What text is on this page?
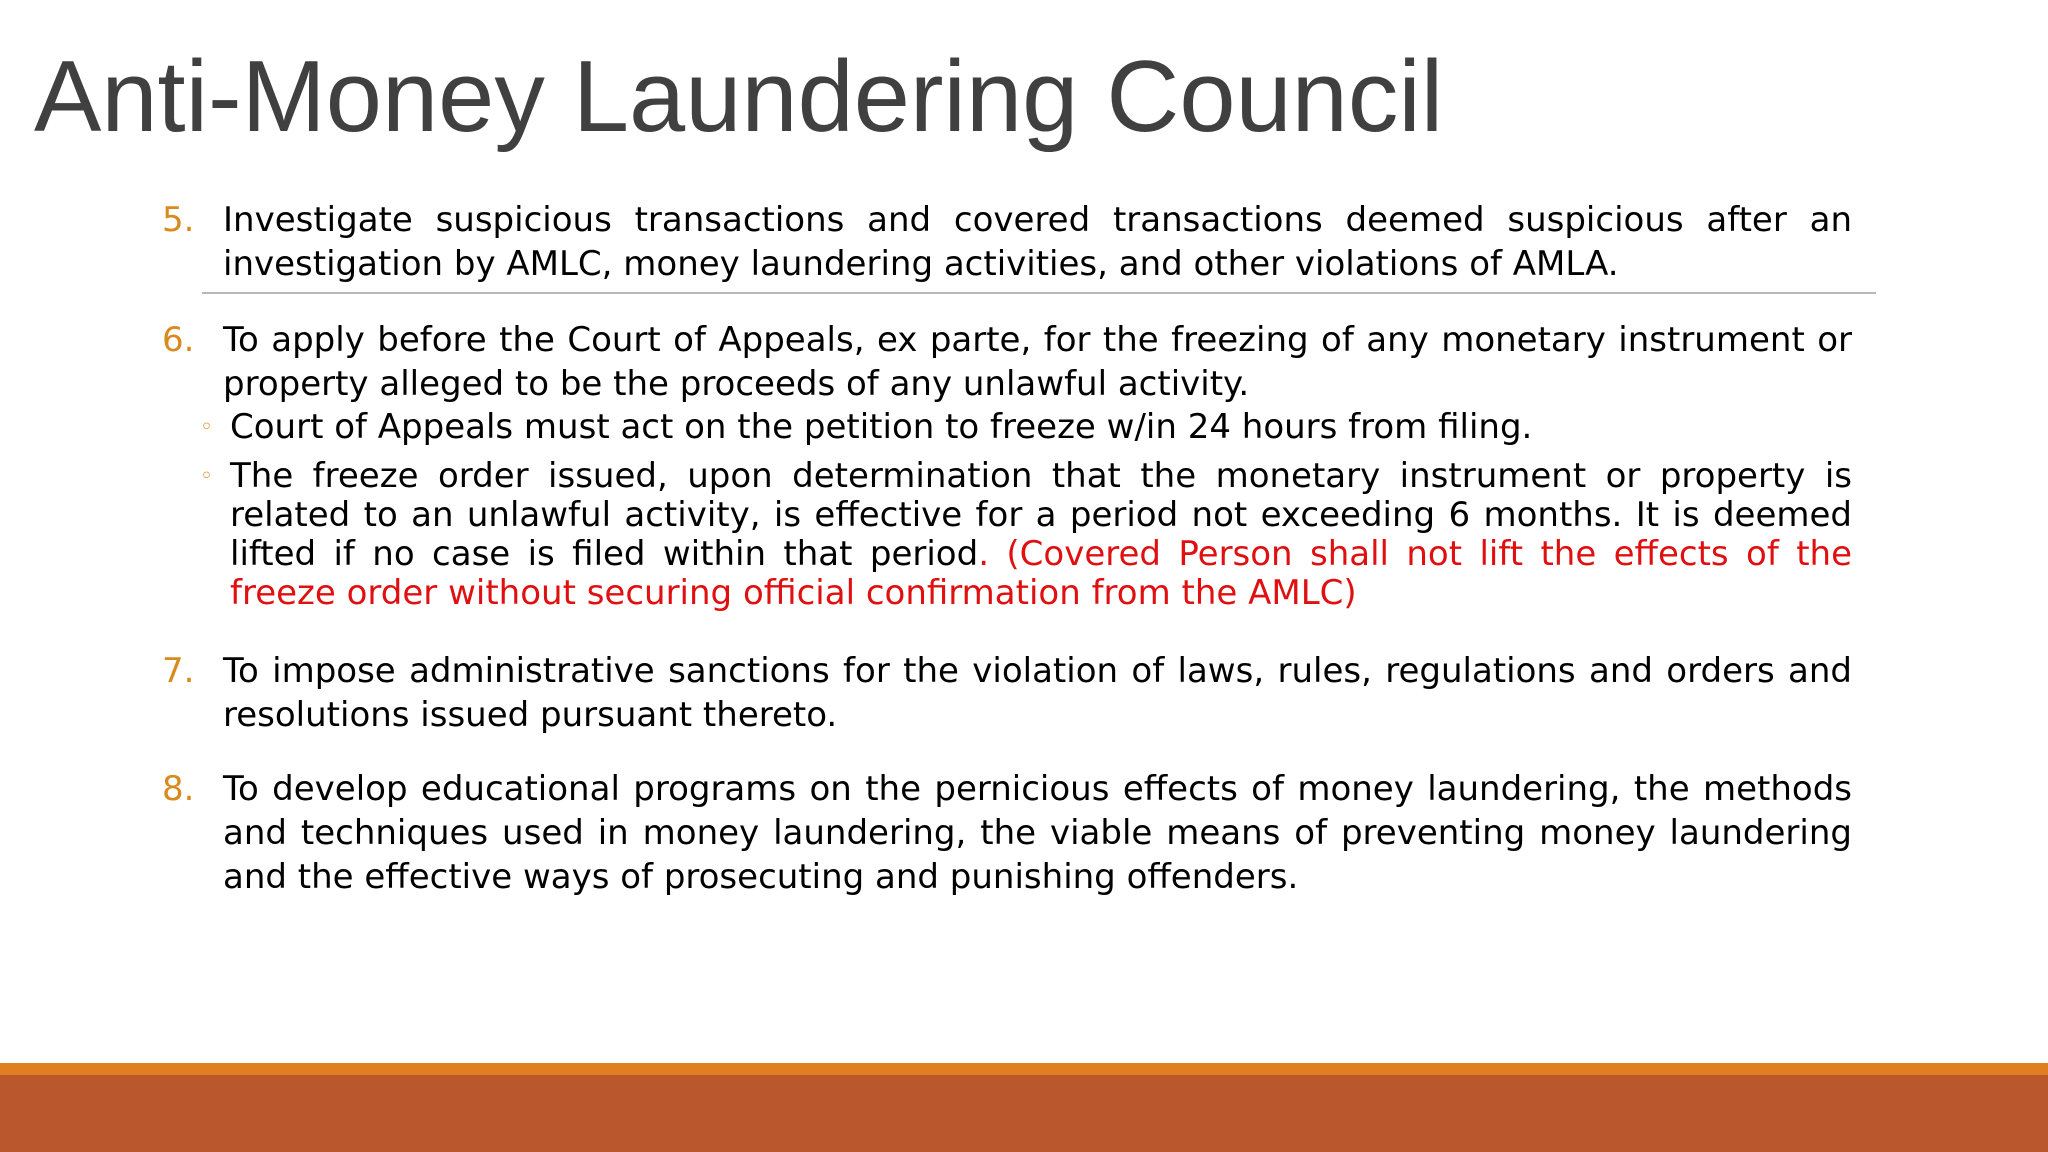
Anti-Money Laundering Council
5. Investigate suspicious transactions and covered transactions deemed suspicious after an investigation by AMLC, money laundering activities, and other violations of AMLA.
6. To apply before the Court of Appeals, ex parte, for the freezing of any monetary instrument or property alleged to be the proceeds of any unlawful activity.
◦ Court of Appeals must act on the petition to freeze w/in 24 hours from filing.
◦ The freeze order issued, upon determination that the monetary instrument or property is related to an unlawful activity, is effective for a period not exceeding 6 months. It is deemed lifted if no case is filed within that period. (Covered Person shall not lift the effects of the freeze order without securing official confirmation from the AMLC)
7. To impose administrative sanctions for the violation of laws, rules, regulations and orders and resolutions issued pursuant thereto.
8. To develop educational programs on the pernicious effects of money laundering, the methods and techniques used in money laundering, the viable means of preventing money laundering and the effective ways of prosecuting and punishing offenders.
